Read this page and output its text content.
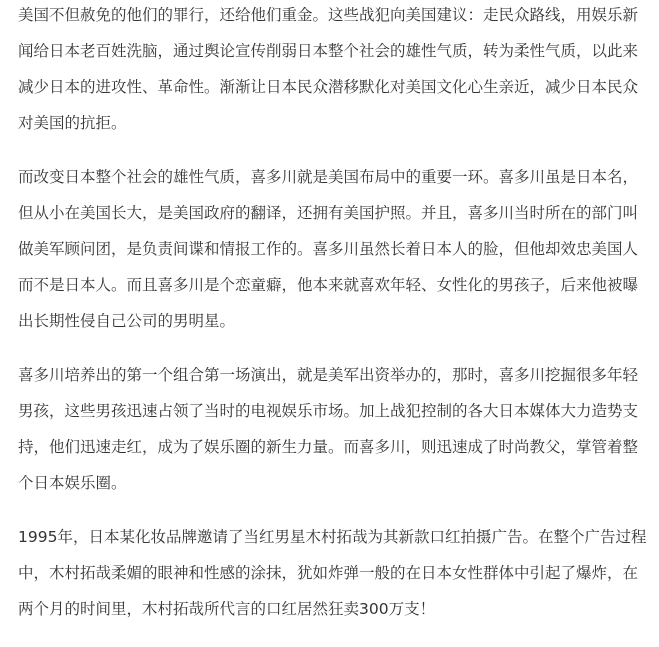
美国不但赦免的他们的罪行，还给他们重金。这些战犯向美国建议：走民众路线，用娱乐新闻给日本老百姓洗脑，通过舆论宣传削弱日本整个社会的雄性气质，转为柔性气质，以此来减少日本的进攻性、革命性。渐渐让日本民众潜移默化对美国文化心生亲近，减少日本民众对美国的抗拒。

而改变日本整个社会的雄性气质，喜多川就是美国布局中的重要一环。喜多川虽是日本名，但从小在美国长大，是美国政府的翻译，还拥有美国护照。并且，喜多川当时所在的部门叫做美军顾问团，是负责间谍和情报工作的。喜多川虽然长着日本人的脸，但他却效忠美国人而不是日本人。而且喜多川是个恋童癖，他本来就喜欢年轻、女性化的男孩子，后来他被曝出长期性侵自己公司的男明星。

喜多川培养出的第一个组合第一场演出，就是美军出资举办的，那时，喜多川挖掘很多年轻男孩，这些男孩迅速占领了当时的电视娱乐市场。加上战犯控制的各大日本媒体大力造势支持，他们迅速走红，成为了娱乐圈的新生力量。而喜多川，则迅速成了时尚教父，掌管着整个日本娱乐圈。

1995年，日本某化妆品牌邀请了当红男星木村拓哉为其新款口红拍摄广告。在整个广告过程中，木村拓哉柔媚的眼神和性感的涂抹，犹如炸弹一般的在日本女性群体中引起了爆炸，在两个月的时间里，木村拓哉所代言的口红居然狂卖300万支！
